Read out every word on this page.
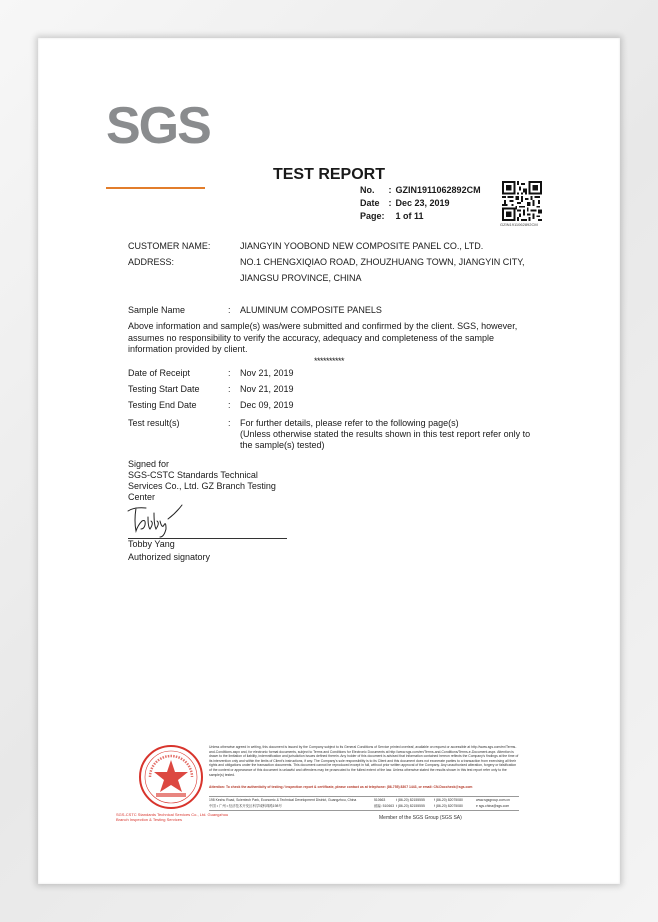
SGS
TEST REPORT
No.	:	GZIN1911062892CM
Date	:	Dec 23, 2019
Page:		1 of 11
GZIN1911062892CM
CUSTOMER NAME:	JIANGYIN YOOBOND NEW COMPOSITE PANEL CO., LTD.
ADDRESS:	NO.1 CHENGXIQIAO ROAD, ZHOUZHUANG TOWN, JIANGYIN CITY,
JIANGSU PROVINCE, CHINA
Sample Name	: ALUMINUM COMPOSITE PANELS
Above information and sample(s) was/were submitted and confirmed by the client. SGS, however, assumes no responsibility to verify the accuracy, adequacy and completeness of the sample information provided by client.
**********
Date of Receipt	: Nov 21, 2019
Testing Start Date	: Nov 21, 2019
Testing End Date	: Dec 09, 2019
Test result(s)	: For further details, please refer to the following page(s)
(Unless otherwise stated the results shown in this test report refer only to
the sample(s) tested)
Signed for
SGS-CSTC Standards Technical
Services Co., Ltd. GZ Branch Testing
Center
Tobby Yang
Authorized signatory
SGS-CSTC Standards Technical Services Co., Ltd. Guangzhou Branch Inspection & Testing Services
Unless otherwise agreed in writing, this document is issued by the Company subject to its General Conditions of Service printed overleaf, available on request or accessible at http://www.sgs.com/en/Terms-and-Conditions.aspx and, for electronic format documents, subject to Terms and Conditions for Electronic Documents at http://www.sgs.com/en/Terms-and-Conditions/Terms-e-Document.aspx. Attention is drawn to the limitation of liability, indemnification and jurisdiction issues defined therein. Any holder of this document is advised that information contained hereon reflects the Company's findings at the time of its intervention only and within the limits of Client's instructions, if any. The Company's sole responsibility is to its Client and this document does not exonerate parties to a transaction from exercising all their rights and obligations under the transaction documents. This document cannot be reproduced except in full, without prior written approval of the Company. Any unauthorized alteration, forgery or falsification of the content or appearance of this document is unlawful and offenders may be prosecuted to the fullest extent of the law. Unless otherwise stated the results shown in this test report refer only to the sample(s) tested.
Attention: To check the authenticity of testing / inspection report & certificate, please contact us at telephone: (86-755) 8307 1443, or email: CN.Doccheck@sgs.com
198 Kezhu Road, Scientech Park, Economic & Technical Development District, Guangzhou, China	510663	t (86-20) 82155555	f (86-20) 82075080	www.sgsgroup.com.cn
中国 • 广州 • 经济技术开发区科学城科珠路198号	邮编: 510663 t (86-20) 82155555	f (86-20) 82075080	e sgs.china@sgs.com
Member of the SGS Group (SGS SA)
